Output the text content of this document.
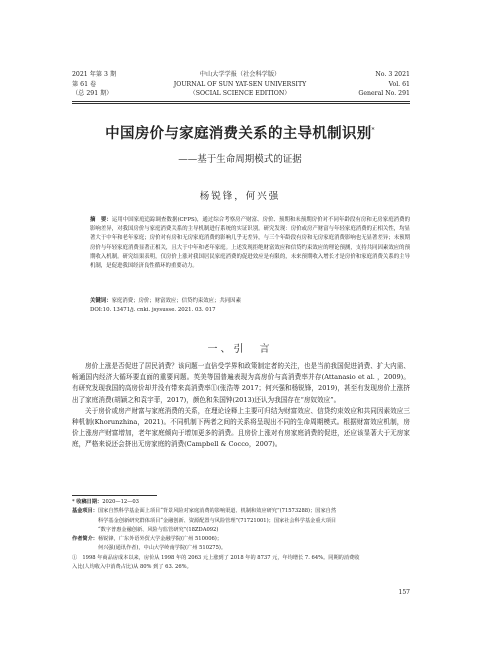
2021 年第 3 期
第 61 卷
（总 291 期）
中山大学学报（社会科学版）
JOURNAL OF SUN YAT-SEN UNIVERSITY
（SOCIAL SCIENCE EDITION）
No. 3 2021
Vol. 61
General No. 291
中国房价与家庭消费关系的主导机制识别*
——基于生命周期模式的证据
杨锐锋，何兴强
摘　要：运用中国家庭追踪调查数据(CFPS)，通过综合考察房产财富、房价、预期和未预期房价对不同年龄段有房和无房家庭消费的影响差异，对我国房价与家庭消费关系的主导机制进行系统的实证识别。研究发现：房价或房产财富与年轻家庭消费的正相关性，均显著大于中年和老年家庭；房价对有房和无房家庭消费的影响几乎无差异，与三个年龄段有房和无房家庭消费影响也无显著差异；未预期房价与年轻家庭消费显著正相关，且大于中年和老年家庭。上述发现拒绝财富效应和信贷约束效应的理论预测，支持共同因素效应的预期收入机制。研究结果表明，仅房价上涨对我国居民家庭消费的促进效应是有限的，未来预期收入增长才是房价和家庭消费关系的主导机制，是促进我国经济良性循环的重要动力。
关键词：家庭消费；房价；财富效应；信贷约束效应；共同因素
DOI:10. 13471/j. cnki. jsysusse. 2021. 03. 017
一、引　言

房价上涨是否促进了居民消费？该问题一直倍受学界和政策制定者的关注，也是当前我国促进消费、扩大内需、畅通国内经济大循环要直面的重要问题。英美等国普遍表现为高房价与高消费率并存(Attanasio et al. ，2009)。有研究发现我国的高房价却并没有带来高消费率①(张浩等 2017；何兴强和杨锐锋，2019)，甚至有发现房价上涨挤出了家庭消费(胡颖之和袁宇菲，2017)，颜色和朱国钟(2013)还认为我国存在“房奴效应”。

关于房价或房产财富与家庭消费的关系，在理论诠释上主要可归结为财富效应、信贷约束效应和共同因素效应三种机制(Khorunzhina，2021)。不同机制下两者之间的关系将呈现出不同的生命周期模式。根据财富效应机制，房价上涨房产财富增加，老年家庭倾向于增加更多的消费。且房价上涨对有房家庭消费的促进，还应该显著大于无房家庭，严格来说还会挤出无房家庭的消费(Campbell & Cocco，2007)。

* 收稿日期：2020—12—03
基金项目：国家自然科学基金面上项目“背景风险对家庭消费的影响渠道、机制和效应研究”(71573288)；国家自然
科学基金创新研究群体项目“金融创新、资源配置与风险管理”(71721001)；国家社会科学基金重大项目
“数字普惠金融创新、风险与监管研究”(18ZDA092)
作者简介：杨锐锋，广东外语外贸大学金融学院(广州 510006)；
何兴强(通讯作者)，中山大学岭南学院(广州 510275)。
①　1998 年商品房成本以来，房价从 1998 年的 2063 元上涨到了 2018 年的 8737 元，年均增长 7. 64%。同期的消费收
入比(人均收入中消费占比)从 80% 到了 63. 26%。
157
